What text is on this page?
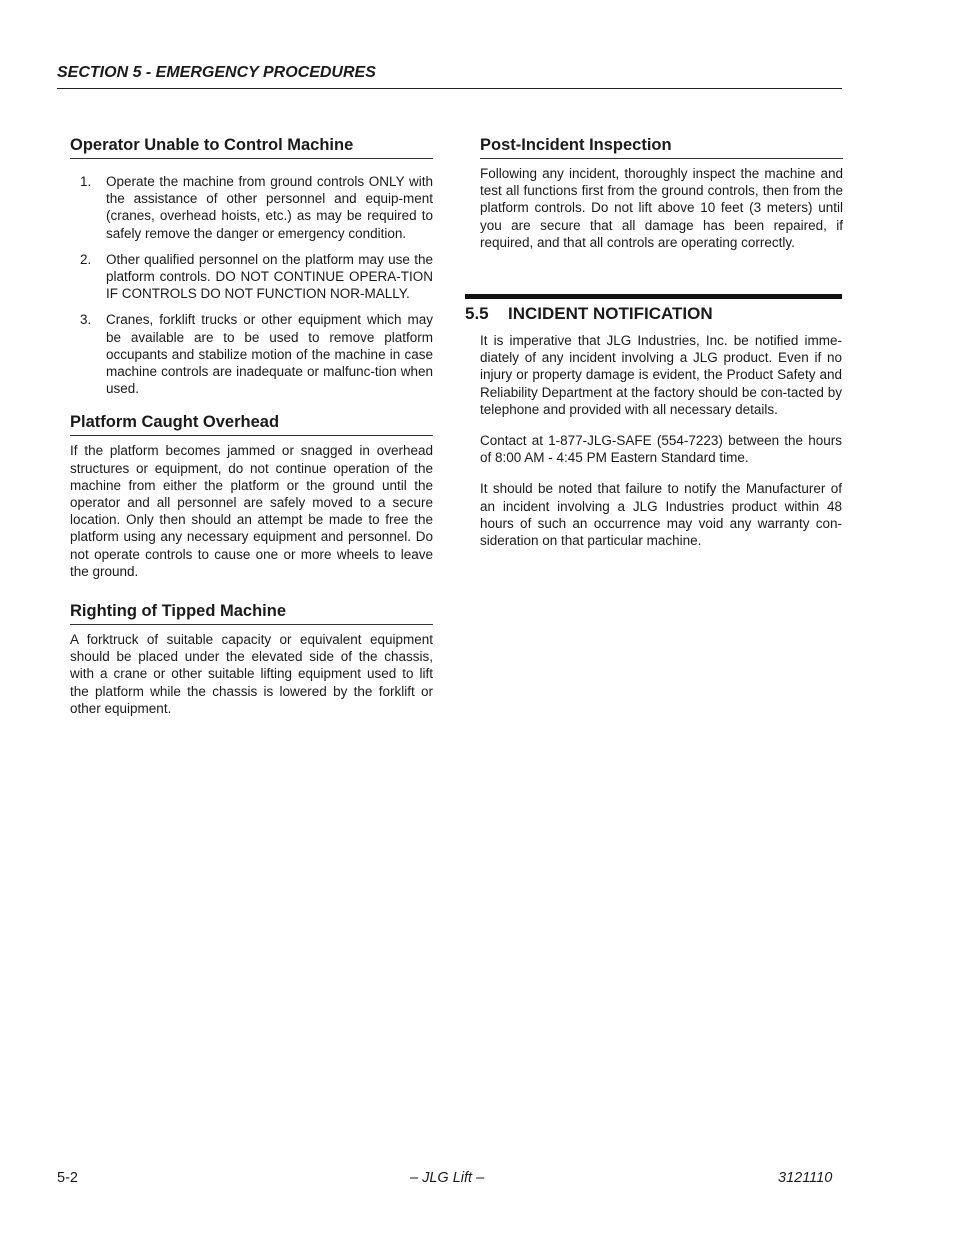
SECTION 5 - EMERGENCY PROCEDURES
Operator Unable to Control Machine
1. Operate the machine from ground controls ONLY with the assistance of other personnel and equip-ment (cranes, overhead hoists, etc.) as may be required to safely remove the danger or emergency condition.
2. Other qualified personnel on the platform may use the platform controls. DO NOT CONTINUE OPERA-TION IF CONTROLS DO NOT FUNCTION NOR-MALLY.
3. Cranes, forklift trucks or other equipment which may be available are to be used to remove platform occupants and stabilize motion of the machine in case machine controls are inadequate or malfunc-tion when used.
Platform Caught Overhead

If the platform becomes jammed or snagged in overhead structures or equipment, do not continue operation of the machine from either the platform or the ground until the operator and all personnel are safely moved to a secure location. Only then should an attempt be made to free the platform using any necessary equipment and personnel. Do not operate controls to cause one or more wheels to leave the ground.

Righting of Tipped Machine

A forktruck of suitable capacity or equivalent equipment should be placed under the elevated side of the chassis, with a crane or other suitable lifting equipment used to lift the platform while the chassis is lowered by the forklift or other equipment.

Post-Incident Inspection

Following any incident, thoroughly inspect the machine and test all functions first from the ground controls, then from the platform controls. Do not lift above 10 feet (3 meters) until you are secure that all damage has been repaired, if required, and that all controls are operating correctly.

5.5 INCIDENT NOTIFICATION

It is imperative that JLG Industries, Inc. be notified imme-diately of any incident involving a JLG product. Even if no injury or property damage is evident, the Product Safety and Reliability Department at the factory should be con-tacted by telephone and provided with all necessary details.

Contact at 1-877-JLG-SAFE (554-7223) between the hours of 8:00 AM - 4:45 PM Eastern Standard time.

It should be noted that failure to notify the Manufacturer of an incident involving a JLG Industries product within 48 hours of such an occurrence may void any warranty con-sideration on that particular machine.

5-2	– JLG Lift –	3121110
